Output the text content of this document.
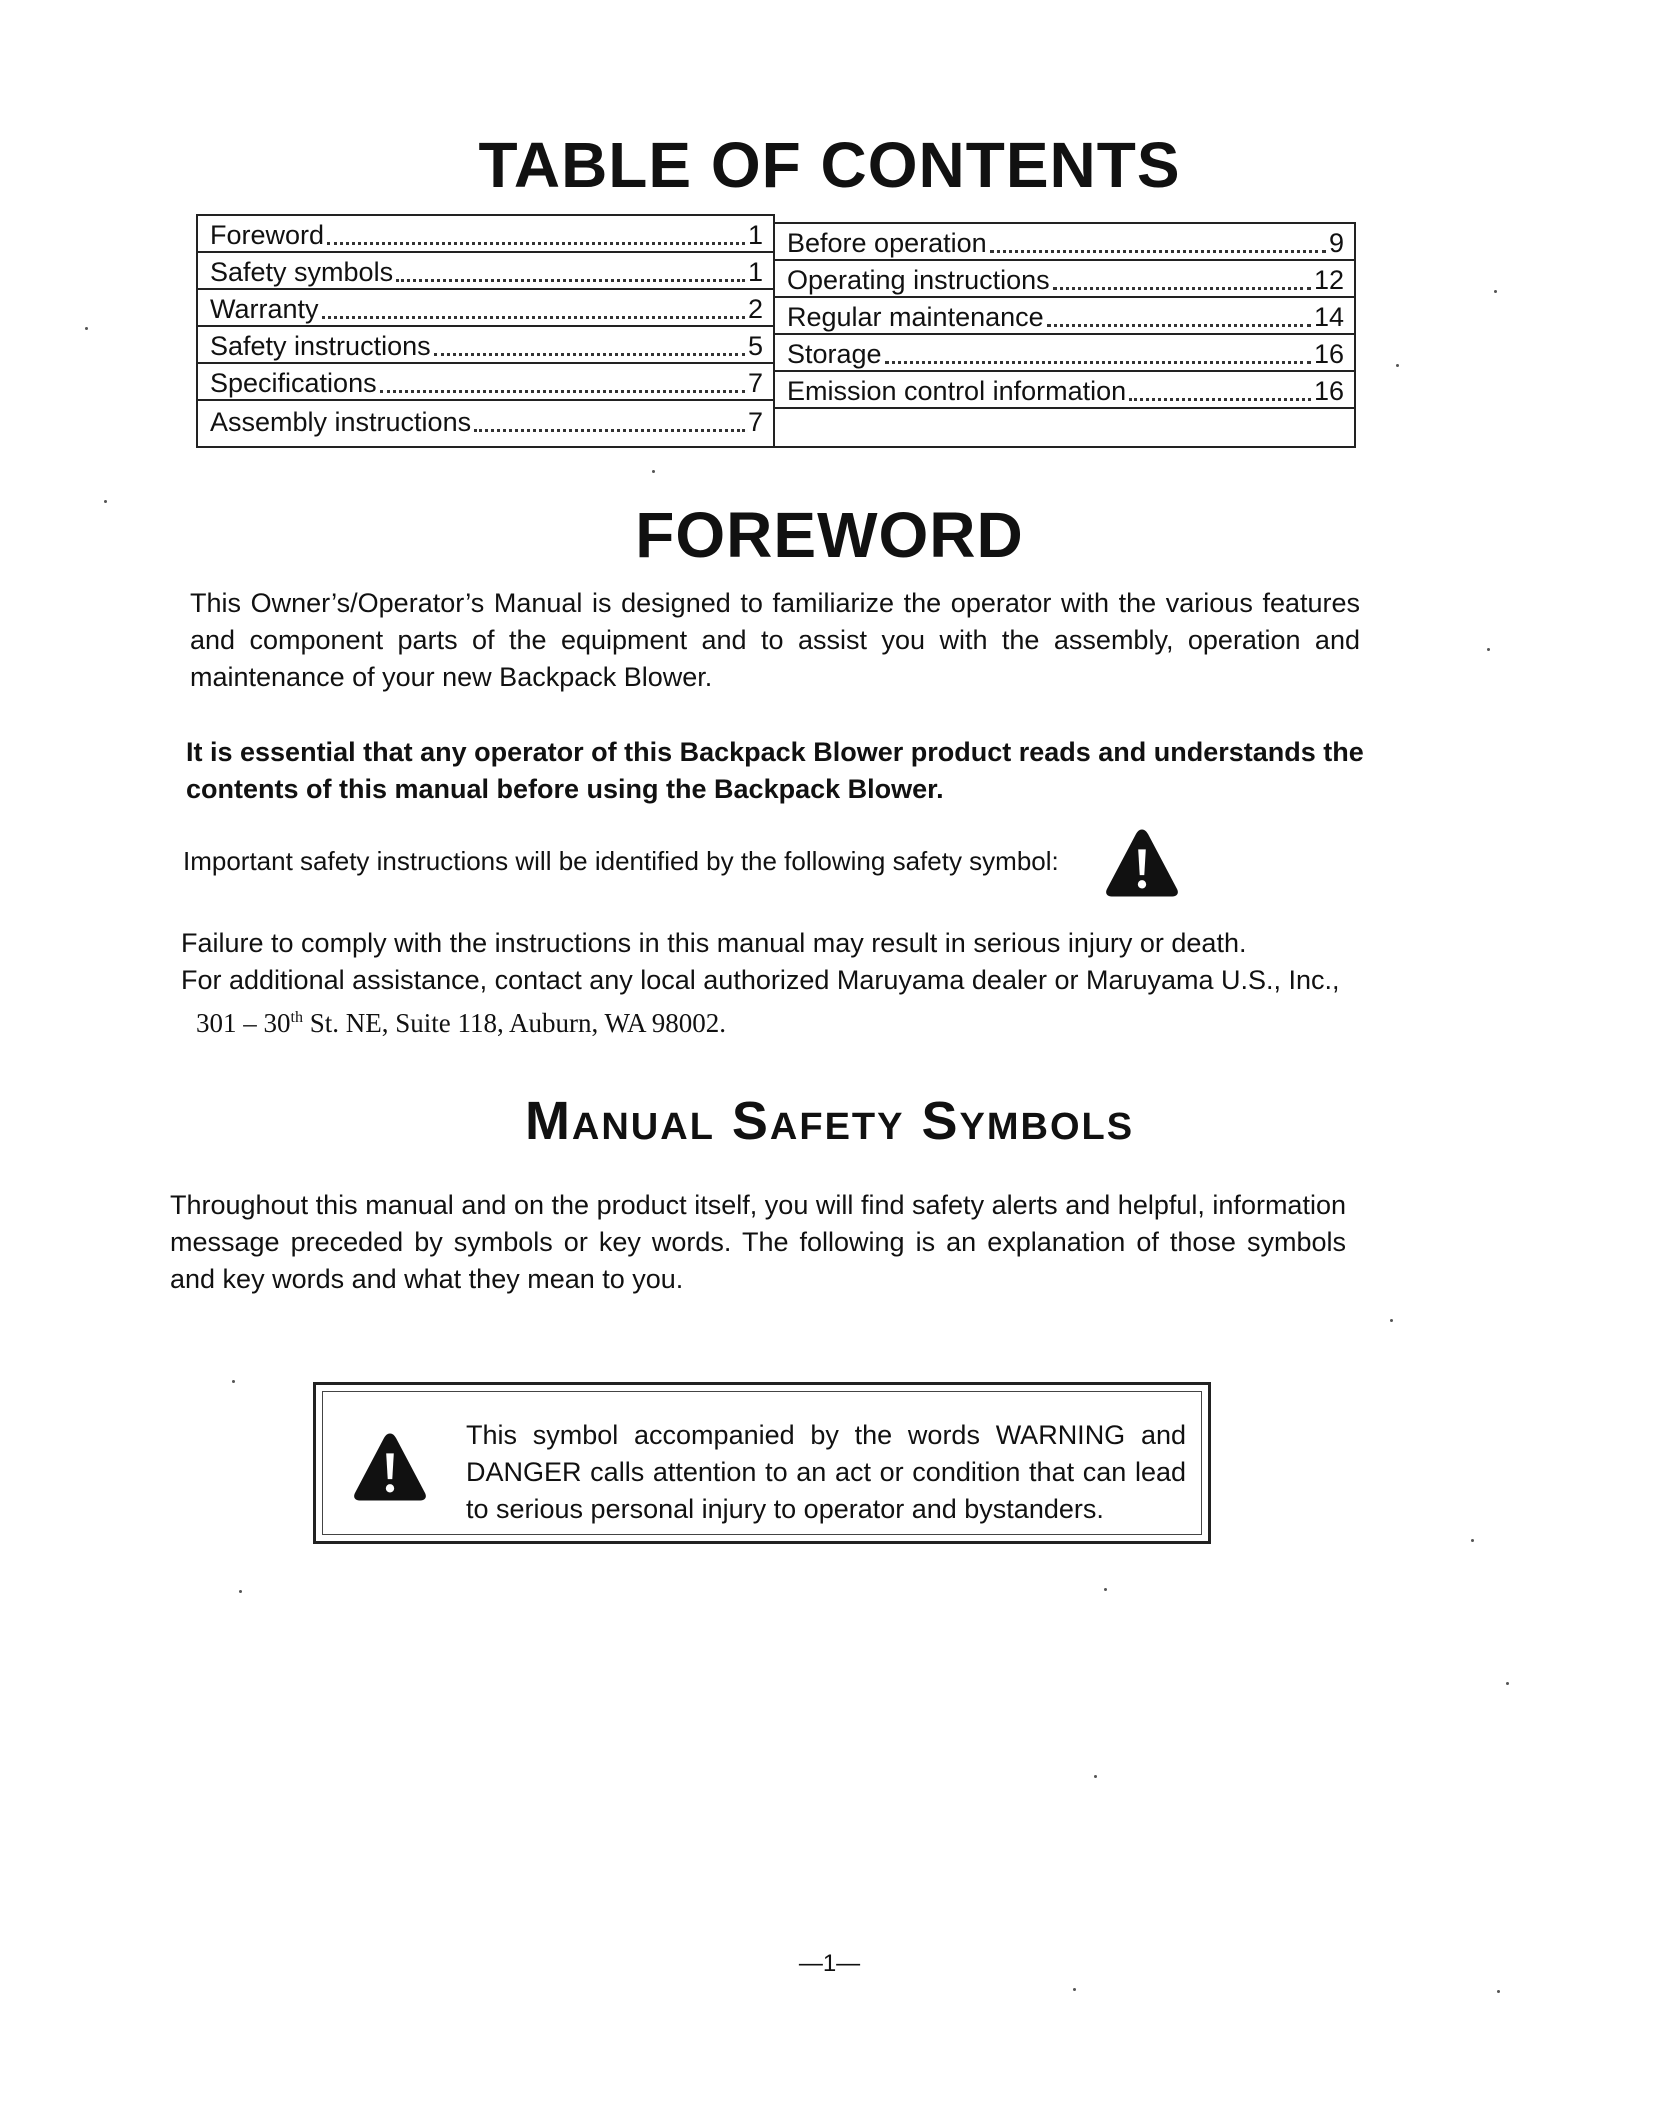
TABLE OF CONTENTS
Foreword	1
Safety symbols	1
Warranty	2
Safety instructions	5
Specifications	7
Assembly instructions	7
Before operation	9
Operating instructions	12
Regular maintenance	14
Storage	16
Emission control information	16
FOREWORD

This Owner’s/Operator’s Manual is designed to familiarize the operator with the various features and component parts of the equipment and to assist you with the assembly, operation and maintenance of your new Backpack Blower.

It is essential that any operator of this Backpack Blower product reads and understands the contents of this manual before using the Backpack Blower.

Important safety instructions will be identified by the following safety symbol:

Failure to comply with the instructions in this manual may result in serious injury or death.

For additional assistance, contact any local authorized Maruyama dealer or Maruyama U.S., Inc.,

301 – 30th St. NE, Suite 118, Auburn, WA 98002.

Manual Safety Symbols

Throughout this manual and on the product itself, you will find safety alerts and helpful, information message preceded by symbols or key words. The following is an explanation of those symbols and key words and what they mean to you.

This symbol accompanied by the words WARNING and DANGER calls attention to an act or condition that can lead to serious personal injury to operator and bystanders.

—1—
